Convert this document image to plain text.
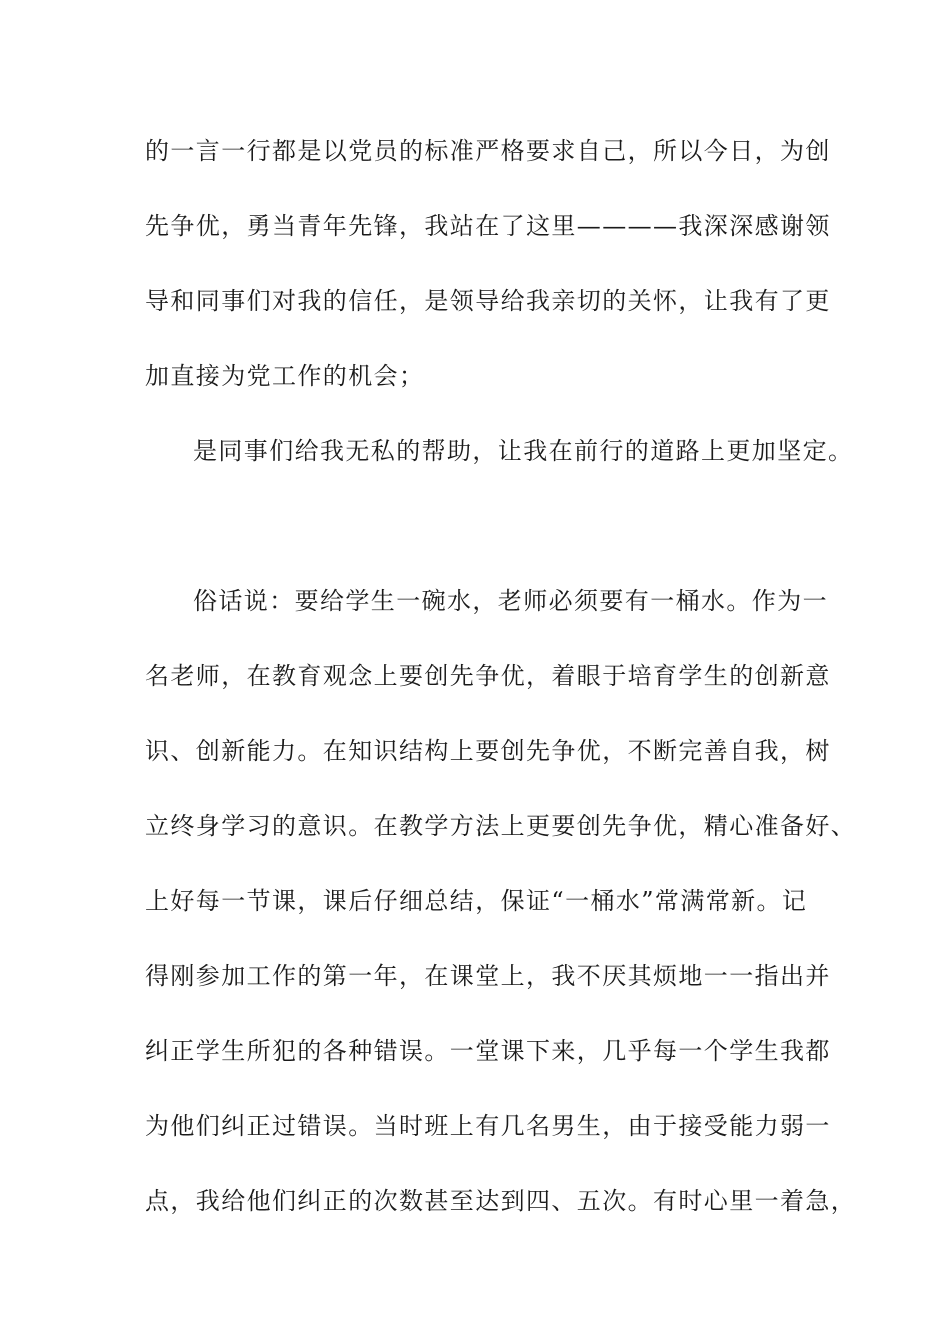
的一言一行都是以党员的标准严格要求自己，所以今日，为创
先争优，勇当青年先锋，我站在了这里————我深深感谢领
导和同事们对我的信任，是领导给我亲切的关怀，让我有了更
加直接为党工作的机会；
是同事们给我无私的帮助，让我在前行的道路上更加坚定。
俗话说：要给学生一碗水，老师必须要有一桶水。作为一
名老师，在教育观念上要创先争优，着眼于培育学生的创新意
识、创新能力。在知识结构上要创先争优，不断完善自我，树
立终身学习的意识。在教学方法上更要创先争优，精心准备好、
上好每一节课，课后仔细总结，保证“一桶水”常满常新。记
得刚参加工作的第一年，在课堂上，我不厌其烦地一一指出并
纠正学生所犯的各种错误。一堂课下来，几乎每一个学生我都
为他们纠正过错误。当时班上有几名男生，由于接受能力弱一
点，我给他们纠正的次数甚至达到四、五次。有时心里一着急，
